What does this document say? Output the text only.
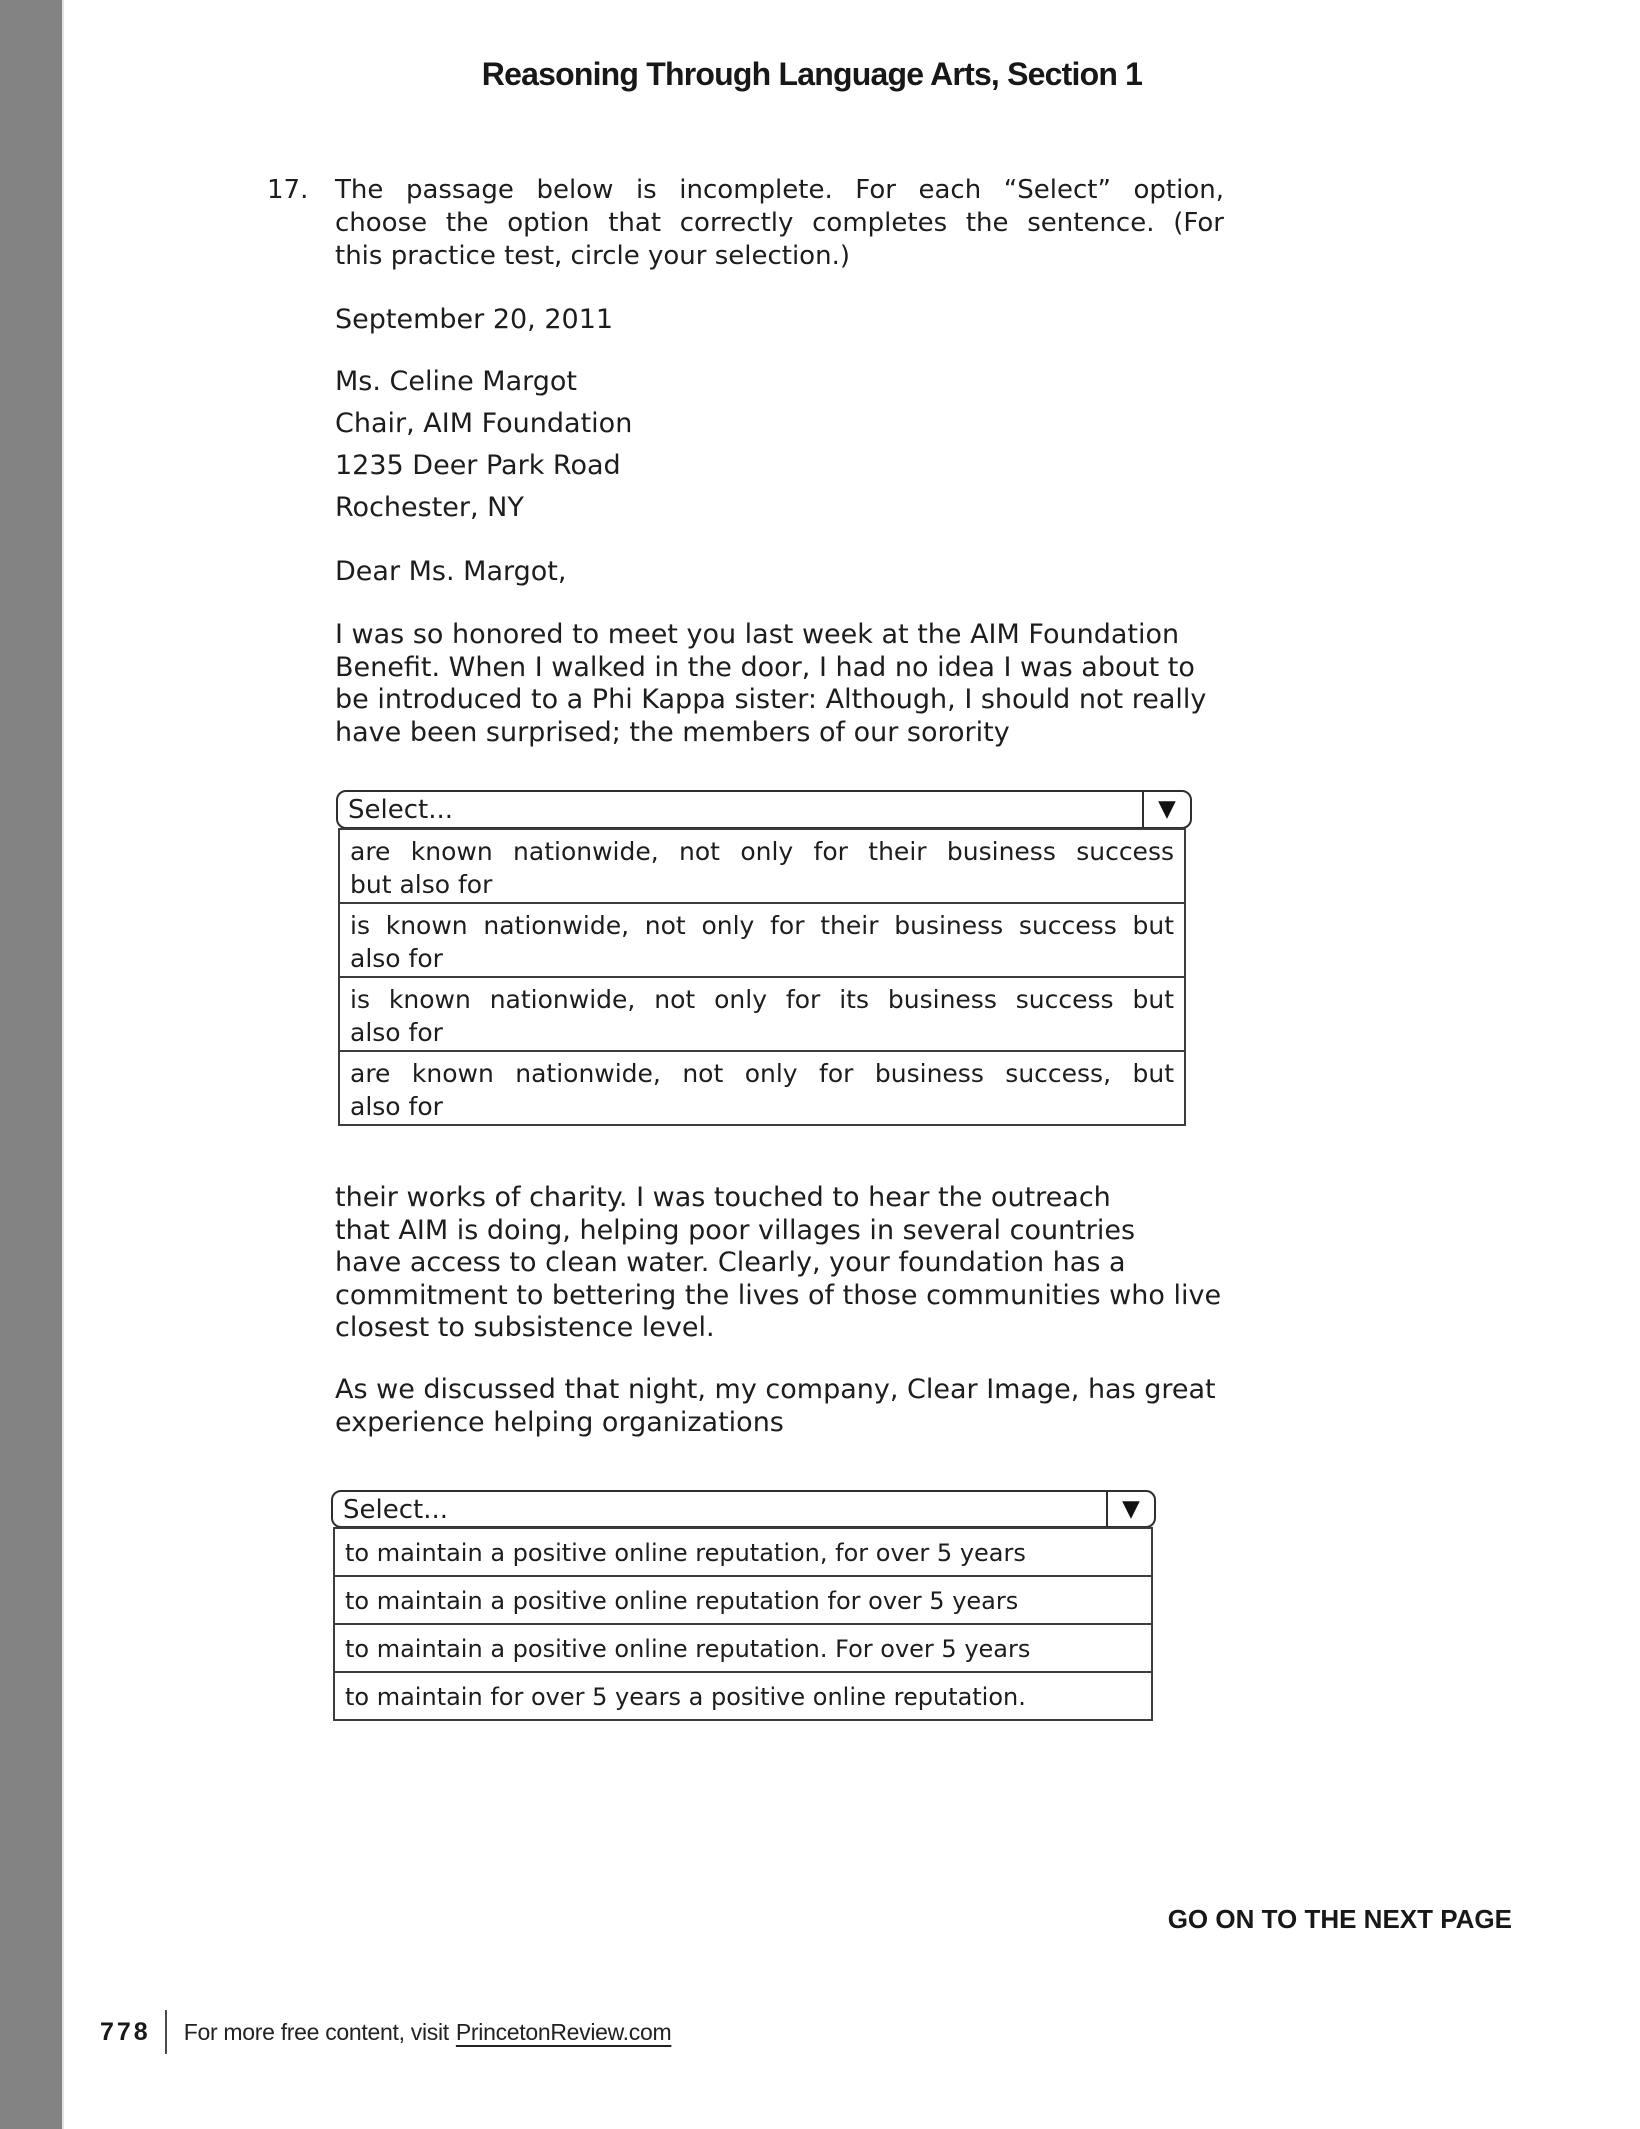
Reasoning Through Language Arts, Section 1
17.	The passage below is incomplete. For each “Select” option,
choose the option that correctly completes the sentence. (For
this practice test, circle your selection.)
September 20, 2011
Ms. Celine Margot
Chair, AIM Foundation
1235 Deer Park Road
Rochester, NY
Dear Ms. Margot,
I was so honored to meet you last week at the AIM Foundation
Benefit. When I walked in the door, I had no idea I was about to
be introduced to a Phi Kappa sister: Although, I should not really
have been surprised; the members of our sorority
Select...	▼
are known nationwide, not only for their business success
but also for
is known nationwide, not only for their business success but
also for
is known nationwide, not only for its business success but
also for
are known nationwide, not only for business success, but
also for
their works of charity. I was touched to hear the outreach
that AIM is doing, helping poor villages in several countries
have access to clean water. Clearly, your foundation has a
commitment to bettering the lives of those communities who live
closest to subsistence level.
As we discussed that night, my company, Clear Image, has great
experience helping organizations
Select...	▼
to maintain a positive online reputation, for over 5 years
to maintain a positive online reputation for over 5 years
to maintain a positive online reputation. For over 5 years
to maintain for over 5 years a positive online reputation.
GO ON TO THE NEXT PAGE
778 For more free content, visit PrincetonReview.com
